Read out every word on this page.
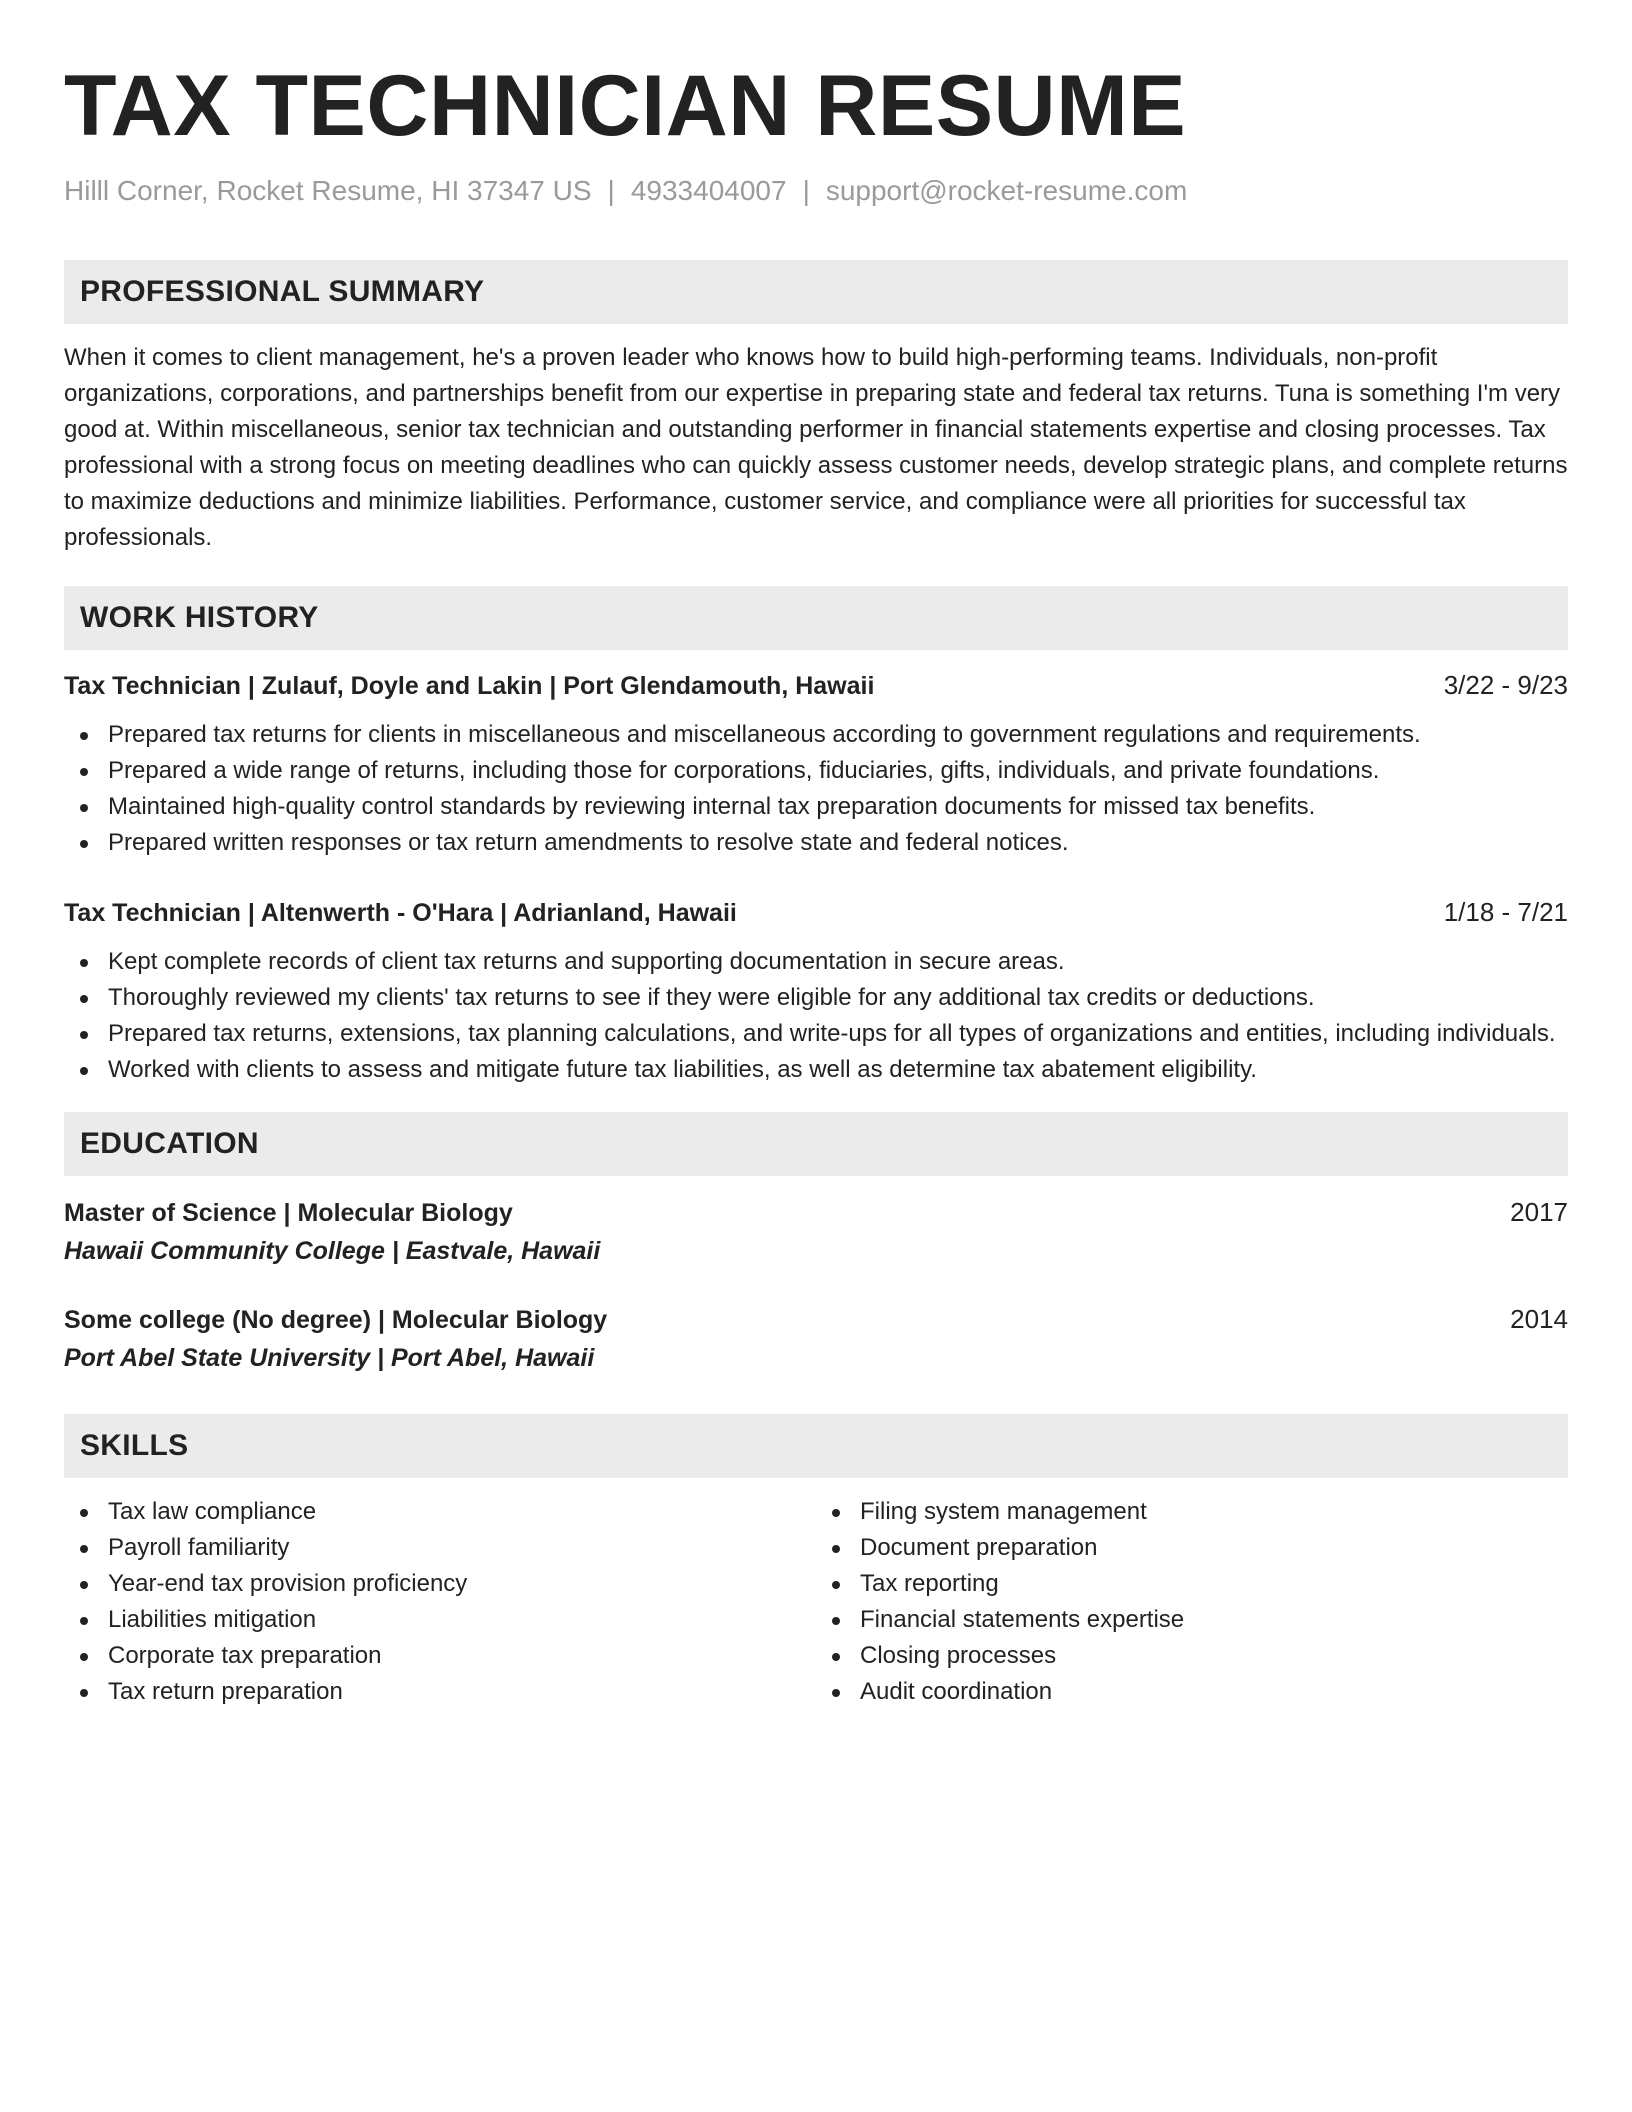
TAX TECHNICIAN RESUME
Hilll Corner, Rocket Resume, HI 37347 US | 4933404007 | support@rocket-resume.com
PROFESSIONAL SUMMARY
When it comes to client management, he's a proven leader who knows how to build high-performing teams. Individuals, non-profit organizations, corporations, and partnerships benefit from our expertise in preparing state and federal tax returns. Tuna is something I'm very good at. Within miscellaneous, senior tax technician and outstanding performer in financial statements expertise and closing processes. Tax professional with a strong focus on meeting deadlines who can quickly assess customer needs, develop strategic plans, and complete returns to maximize deductions and minimize liabilities. Performance, customer service, and compliance were all priorities for successful tax professionals.
WORK HISTORY
Tax Technician | Zulauf, Doyle and Lakin | Port Glendamouth, Hawaii	3/22 - 9/23
Prepared tax returns for clients in miscellaneous and miscellaneous according to government regulations and requirements.
Prepared a wide range of returns, including those for corporations, fiduciaries, gifts, individuals, and private foundations.
Maintained high-quality control standards by reviewing internal tax preparation documents for missed tax benefits.
Prepared written responses or tax return amendments to resolve state and federal notices.
Tax Technician | Altenwerth - O'Hara | Adrianland, Hawaii	1/18 - 7/21
Kept complete records of client tax returns and supporting documentation in secure areas.
Thoroughly reviewed my clients' tax returns to see if they were eligible for any additional tax credits or deductions.
Prepared tax returns, extensions, tax planning calculations, and write-ups for all types of organizations and entities, including individuals.
Worked with clients to assess and mitigate future tax liabilities, as well as determine tax abatement eligibility.
EDUCATION
Master of Science | Molecular Biology	2017
Hawaii Community College | Eastvale, Hawaii
Some college (No degree) | Molecular Biology	2014
Port Abel State University | Port Abel, Hawaii
SKILLS
Tax law compliance
Payroll familiarity
Year-end tax provision proficiency
Liabilities mitigation
Corporate tax preparation
Tax return preparation
Filing system management
Document preparation
Tax reporting
Financial statements expertise
Closing processes
Audit coordination
